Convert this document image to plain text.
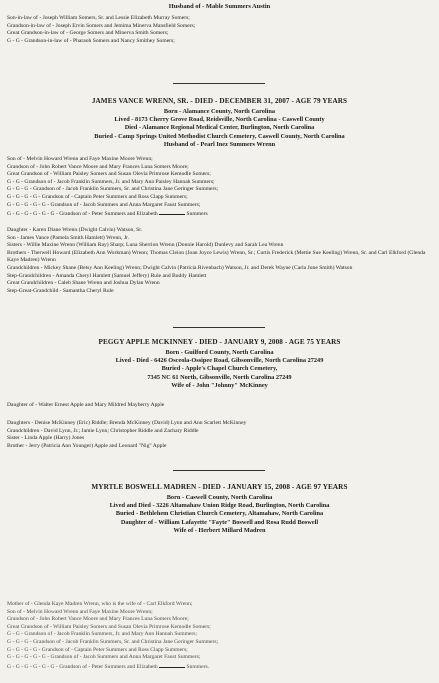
Husband of - Mable Summers Austin
Son-in-law of - Joseph William Somers, Sr. and Lessie Elizabeth Murray Somers;
Grandson-in-law of - Joseph Ervin Somers and Jemima Minerva Mansfield Somers;
Great Grandson-in-law of - George Somers and Minerva Smith Somers;
G - G - Grandson-in-law of - Pharaoh Somers and Nancy Smithey Somers;
JAMES VANCE WRENN, SR. - DIED - DECEMBER 31, 2007 - AGE 79 YEARS
Born - Alamance County, North Carolina
Lived - 8173 Cherry Grove Road, Reidsville, North Carolina - Caswell County
Died - Alamance Regional Medical Center, Burlington, North Carolina
Buried - Camp Springs United Methodist Church Cemetery, Caswell County, North Carolina
Husband of - Pearl Inez Summers Wrenn
Son of - Melvin Howard Wrenn and Faye Maxine Moore Wrenn;
Grandson of - John Robert Vance Moore and Mary Frances Luna Somers Moore;
Great Grandson of - William Paisley Somers and Susan Olevia Primrose Kemodle Somers;
G - G - Grandson of - Jacob Franklin Summers, Jr. and Mary Ann Paisley Hannah Summers;
G - G - G - Grandson of - Jacob Franklin Summers, Sr. and Christina Jane Geringer Summers;
G - G - G - G - Grandson of - Captain Peter Summers and Ross Clapp Summers;
G - G - G - G - G - Grandson of - Jacob Summers and Anna Margaret Faust Summers;
G - G - G - G - G - G - Grandson of - Peter Summers and Elizabeth	Summers
Daughter - Karen Diane Wrenn (Dwight Calvin) Watson, Sr.
Son - James Vance (Pamela Smith Hamlett) Wrenn, Jr.
Sisters - Willie Maxine Wrenn (William Ray) Sharp; Luna Sherrion Wrenn (Donnie Harold) Dunlevy and Sarah Lea Wrenn
Brothers - Therwell Howard (Elizabeth Ann Workman) Wrenn; Thomas Cleion (Joan Joyce Lewis) Wrenn, Sr.; Curtis Frederick (Mettie Sue Keeling) Wrenn, Sr. and Carl Elkford (Glenda Kaye Madren) Wrenn
Grandchildren - Mickey Shane (Betsy Ann Keeling) Wrenn; Dwight Calvin (Patricia Rivenbach) Watson, Jr. and Derek Wayne (Carla June Smith) Watson
Step-Grandchildren - Amanda Cheryl Hamlett (Samuel Jeffery) Rule and Buddy Hamlett
Great Grandchildren - Caleb Shane Wrenn and Joshua Dylan Wrenn
Step-Great-Grandchild - Samantha Cheryl Rule
PEGGY APPLE MCKINNEY - DIED - JANUARY 9, 2008 - AGE 75 YEARS
Born - Guilford County, North Carolina
Lived - Died - 6426 Osceola-Ossipee Road, Gibsonville, North Carolina 27249
Buried - Apple's Chapel Church Cemetery,
7345 NC 61 North, Gibsonville, North Carolina 27249
Wife of - John "Johnny" McKinney
Daughter of - Walter Ernest Apple and Mary Mildred Mayberry Apple
Daughters - Denise McKinney (Eric) Riddle; Brenda McKinney (David) Lynn and Ann Scarlett McKinney
Grandchildren - David Lynn, Jr.; Jamie Lynn; Christopher Riddle and Zachary Riddle
Sister - Linda Apple (Harry) Jones
Brother - Jerry (Patricia Ann Younger) Apple and Leonard "Nig" Apple
MYRTLE BOSWELL MADREN - DIED - JANUARY 15, 2008 - AGE 97 YEARS
Born - Caswell County, North Carolina
Lived and Died - 3226 Altamahaw Union Ridge Road, Burlington, North Carolina
Buried - Bethlehem Christian Church Cemetery, Altamahaw, North Carolina
Daughter of - William Lafayette "Fayte" Boswell and Rosa Rudd Boswell
Wife of - Herbert Millard Madren
Mother of - Glenda Kaye Madren Wrenn, who is the wife of - Carl Elkford Wrenn;
Son of - Melvin Howard Wrenn and Faye Maxine Moore Wrenn;
Grandson of - John Robert Vance Moore and Mary Frances Luna Somers Moore;
Great Grandson of - William Paisley Somers and Susan Olevia Primrose Kemodle Somers;
G - G - Grandson of - Jacob Franklin Summers, Jr. and Mary Ann Hannah Summers;
G - G - G - Grandson of - Jacob Franklin Summers, Sr. and Christina Jane Geringer Summers;
G - G - G - G - Grandson of - Captain Peter Summers and Ross Clapp Summers;
G - G - G - G - G - Grandson of - Jacob Summers and Anna Margaret Faust Summers;
G - G - G - G - G - G - Grandson of - Peter Summers and Elizabeth	Summers.
